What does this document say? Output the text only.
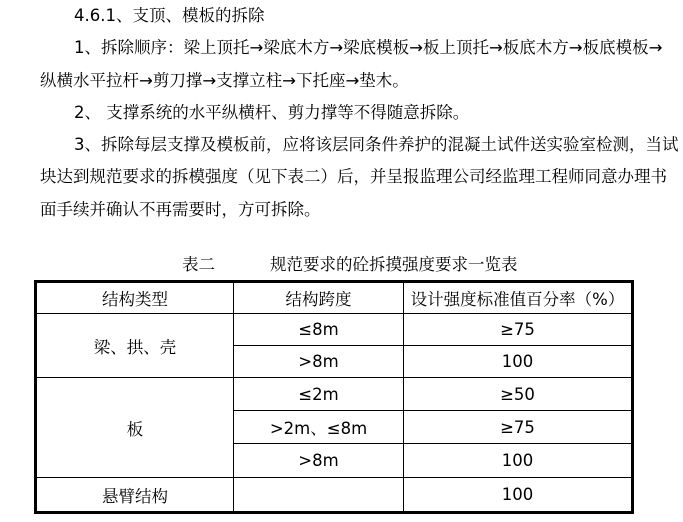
4.6.1、支顶、模板的拆除
1、拆除顺序：梁上顶托→梁底木方→梁底模板→板上顶托→板底木方→板底模板→
纵横水平拉杆→剪刀撑→支撑立柱→下托座→垫木。
2、 支撑系统的水平纵横杆、剪力撑等不得随意拆除。
3、拆除每层支撑及模板前，应将该层同条件养护的混凝土试件送实验室检测，当试
块达到规范要求的拆模强度（见下表二）后，并呈报监理公司经监理工程师同意办理书
面手续并确认不再需要时，方可拆除。
表二	规范要求的砼拆摸强度要求一览表
结构类型	结构跨度	设计强度标准值百分率（%）
梁、拱、壳	≤8m	≥75
	>8m	100
板	≤2m	≥50
	>2m、≤8m	≥75
	>8m	100
悬臂结构		100
